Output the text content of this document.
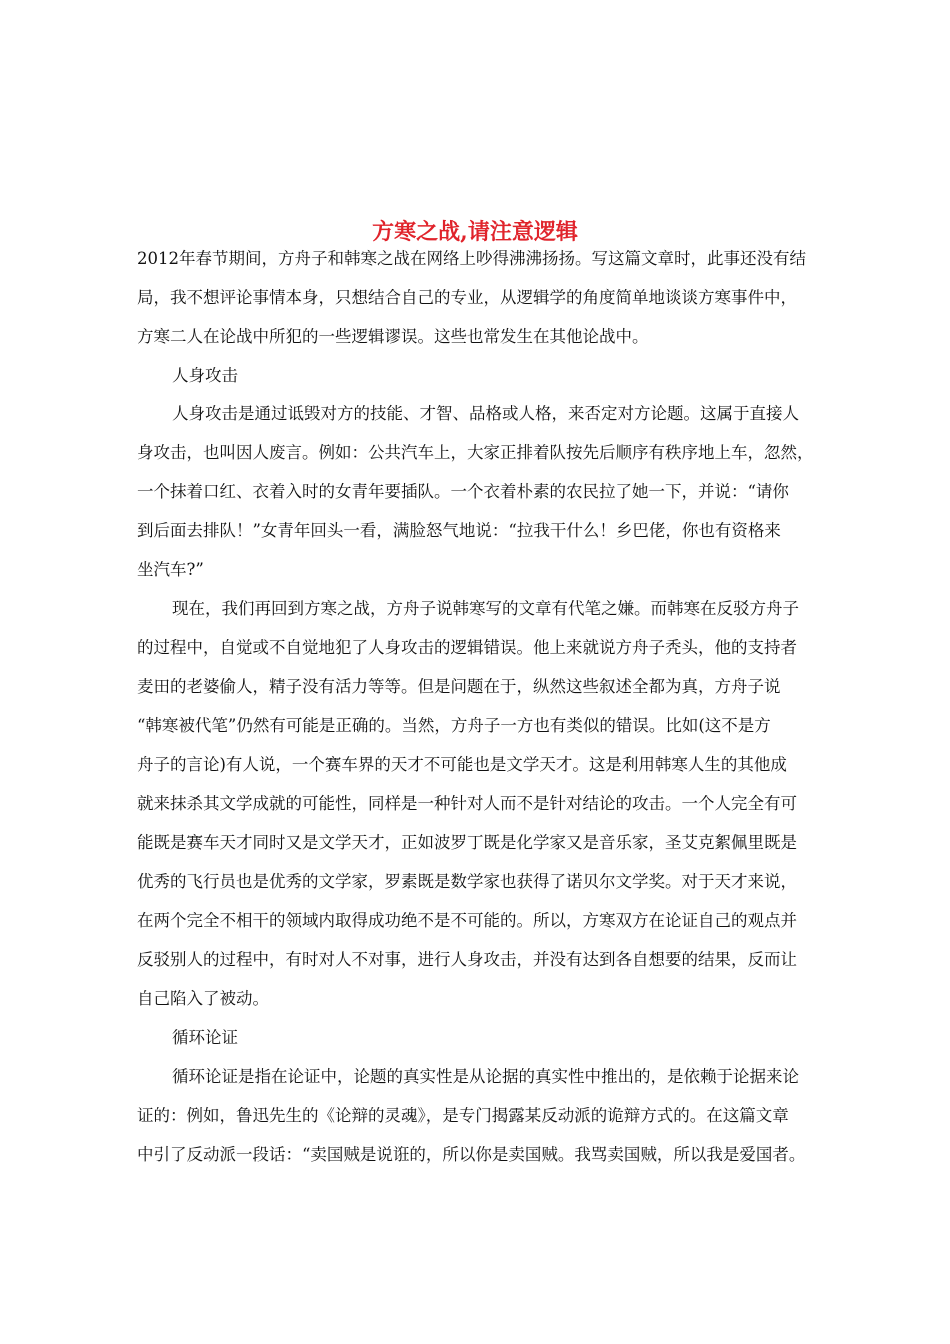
方寒之战,请注意逻辑
2012年春节期间，方舟子和韩寒之战在网络上吵得沸沸扬扬。写这篇文章时，此事还没有结
局，我不想评论事情本身，只想结合自己的专业，从逻辑学的角度简单地谈谈方寒事件中，
方寒二人在论战中所犯的一些逻辑谬误。这些也常发生在其他论战中。
人身攻击
人身攻击是通过诋毁对方的技能、才智、品格或人格，来否定对方论题。这属于直接人
身攻击，也叫因人废言。例如：公共汽车上，大家正排着队按先后顺序有秩序地上车，忽然，
一个抹着口红、衣着入时的女青年要插队。一个衣着朴素的农民拉了她一下，并说：“请你
到后面去排队！”女青年回头一看，满脸怒气地说：“拉我干什么！乡巴佬，你也有资格来
坐汽车?”
现在，我们再回到方寒之战，方舟子说韩寒写的文章有代笔之嫌。而韩寒在反驳方舟子
的过程中，自觉或不自觉地犯了人身攻击的逻辑错误。他上来就说方舟子秃头，他的支持者
麦田的老婆偷人，精子没有活力等等。但是问题在于，纵然这些叙述全都为真，方舟子说
“韩寒被代笔”仍然有可能是正确的。当然，方舟子一方也有类似的错误。比如(这不是方
舟子的言论)有人说，一个赛车界的天才不可能也是文学天才。这是利用韩寒人生的其他成
就来抹杀其文学成就的可能性，同样是一种针对人而不是针对结论的攻击。一个人完全有可
能既是赛车天才同时又是文学天才，正如波罗丁既是化学家又是音乐家，圣艾克絮佩里既是
优秀的飞行员也是优秀的文学家，罗素既是数学家也获得了诺贝尔文学奖。对于天才来说，
在两个完全不相干的领域内取得成功绝不是不可能的。所以，方寒双方在论证自己的观点并
反驳别人的过程中，有时对人不对事，进行人身攻击，并没有达到各自想要的结果，反而让
自己陷入了被动。
循环论证
循环论证是指在论证中，论题的真实性是从论据的真实性中推出的，是依赖于论据来论
证的：例如，鲁迅先生的《论辩的灵魂》，是专门揭露某反动派的诡辩方式的。在这篇文章
中引了反动派一段话：“卖国贼是说诳的，所以你是卖国贼。我骂卖国贼，所以我是爱国者。
